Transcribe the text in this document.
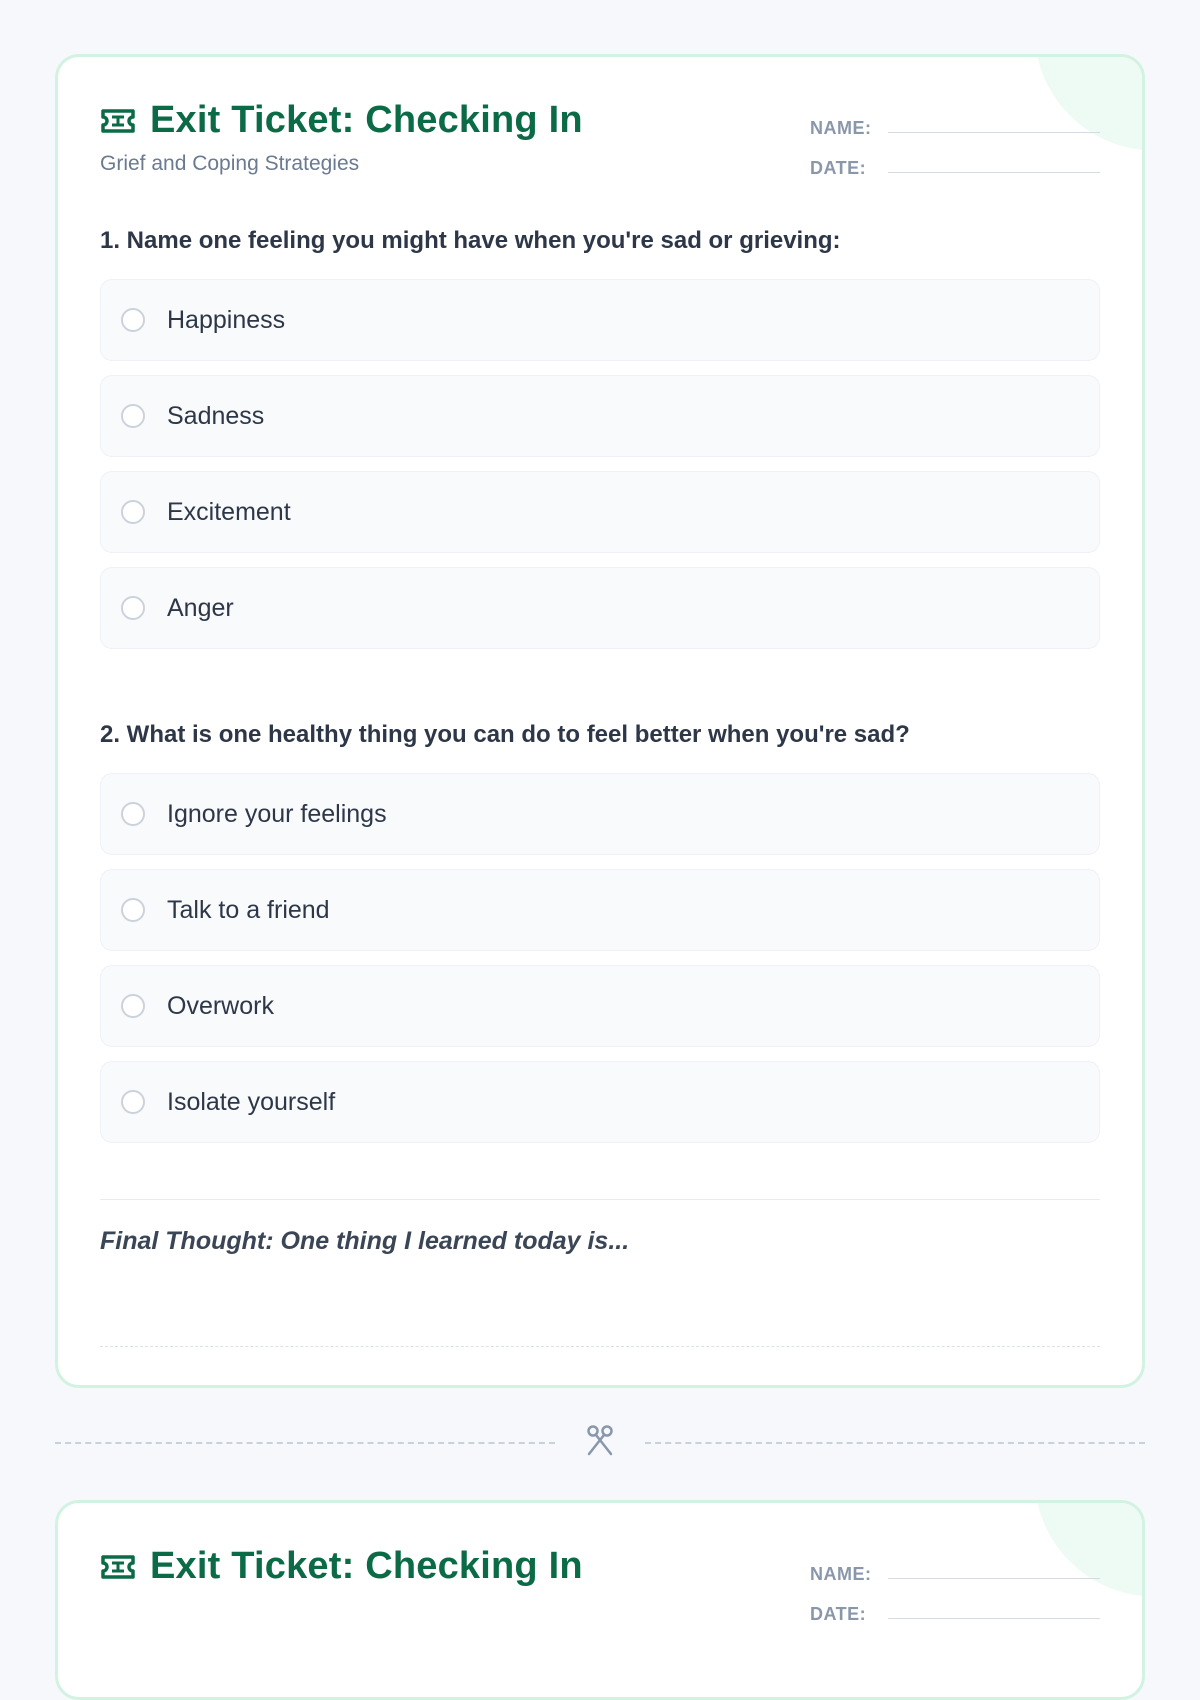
Exit Ticket: Checking In
Grief and Coping Strategies
NAME:
DATE:

1. Name one feeling you might have when you're sad or grieving:

Happiness
Sadness
Excitement
Anger

2. What is one healthy thing you can do to feel better when you're sad?

Ignore your feelings
Talk to a friend
Overwork
Isolate yourself
Final Thought: One thing I learned today is...
Exit Ticket: Checking In	NAME:
DATE:
